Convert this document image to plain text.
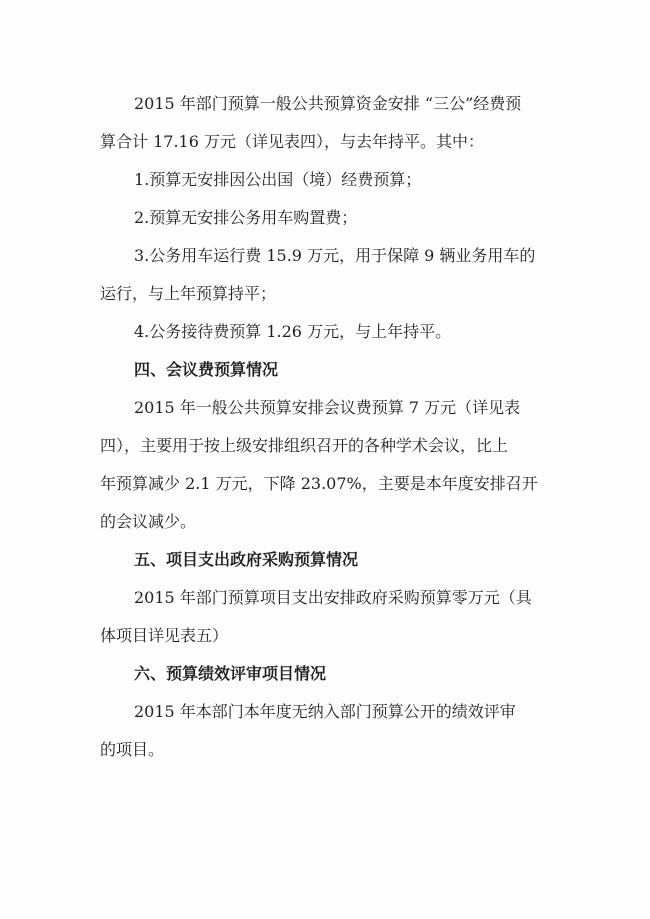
2015 年部门预算一般公共预算资金安排 “三公”经费预
算合计 17.16 万元（详见表四），与去年持平。其中：
1.预算无安排因公出国（境）经费预算；
2.预算无安排公务用车购置费；
3.公务用车运行费 15.9 万元，用于保障 9 辆业务用车的
运行，与上年预算持平；
4.公务接待费预算 1.26 万元，与上年持平。
四、会议费预算情况
2015 年一般公共预算安排会议费预算 7 万元（详见表
四），主要用于按上级安排组织召开的各种学术会议，比上
年预算减少 2.1 万元，下降 23.07%，主要是本年度安排召开
的会议减少。
五、项目支出政府采购预算情况
2015 年部门预算项目支出安排政府采购预算零万元（具
体项目详见表五）
六、预算绩效评审项目情况
2015 年本部门本年度无纳入部门预算公开的绩效评审
的项目。
